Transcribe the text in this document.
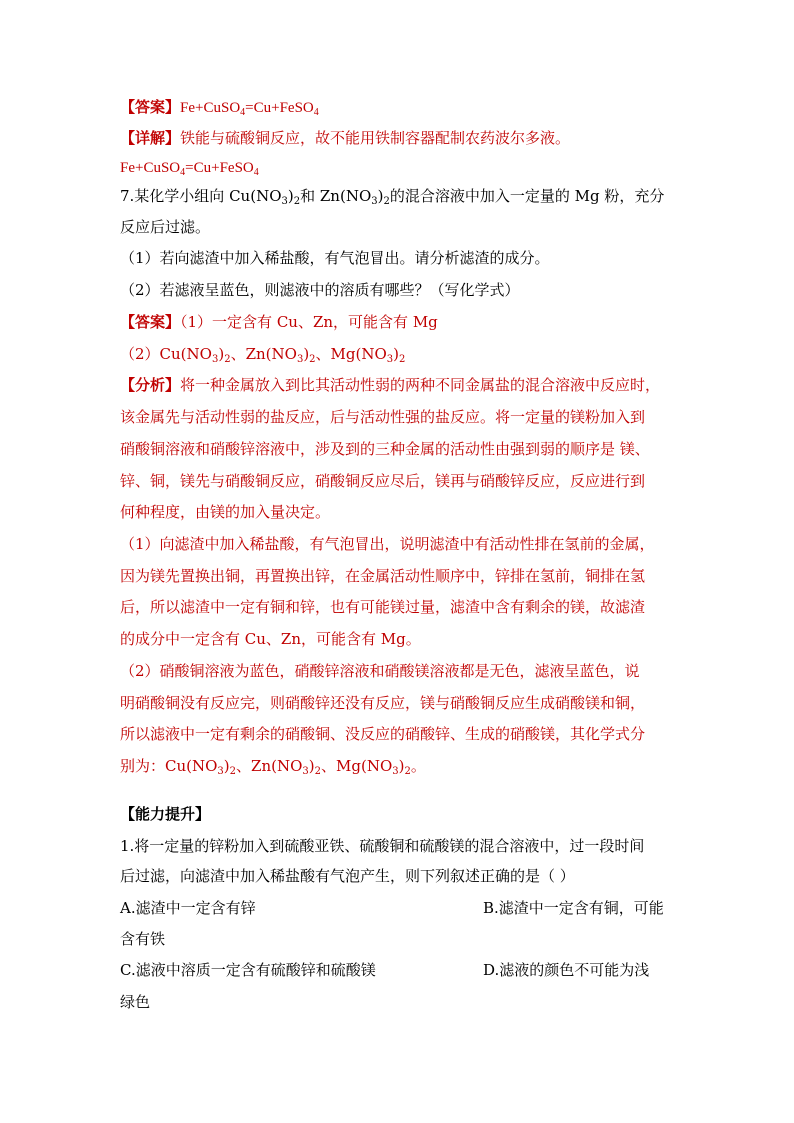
【答案】Fe+CuSO$_4$=Cu+FeSO$_4$
【详解】铁能与硫酸铜反应，故不能用铁制容器配制农药波尔多液。
Fe+CuSO$_4$=Cu+FeSO$_4$
7.某化学小组向 $Cu(NO_3)_2$和 $Zn(NO_3)_2$的混合溶液中加入一定量的 Mg 粉，充分
反应后过滤。
（1）若向滤渣中加入稀盐酸，有气泡冒出。请分析滤渣的成分。
（2）若滤液呈蓝色，则滤液中的溶质有哪些？（写化学式）
【答案】（1）一定含有 Cu、Zn，可能含有 Mg
$(2)Cu(NO_3)_2$、$Zn(NO_3)_2$、$Mg(NO_3)_2$
【分析】将一种金属放入到比其活动性弱的两种不同金属盐的混合溶液中反应时，
该金属先与活动性弱的盐反应，后与活动性强的盐反应。将一定量的镁粉加入到
硝酸铜溶液和硝酸锌溶液中，涉及到的三种金属的活动性由强到弱的顺序是 镁、
锌、铜，镁先与硝酸铜反应，硝酸铜反应尽后，镁再与硝酸锌反应，反应进行到
何种程度，由镁的加入量决定。
（1）向滤渣中加入稀盐酸，有气泡冒出，说明滤渣中有活动性排在氢前的金属，
因为镁先置换出铜，再置换出锌，在金属活动性顺序中，锌排在氢前，铜排在氢
后，所以滤渣中一定有铜和锌，也有可能镁过量，滤渣中含有剩余的镁，故滤渣
的成分中一定含有 Cu、Zn，可能含有 Mg。
（2）硝酸铜溶液为蓝色，硝酸锌溶液和硝酸镁溶液都是无色，滤液呈蓝色，说
明硝酸铜没有反应完，则硝酸锌还没有反应，镁与硝酸铜反应生成硝酸镁和铜，
所以滤液中一定有剩余的硝酸铜、没反应的硝酸锌、生成的硝酸镁，其化学式分
别为：$Cu(NO_3)_2$、$Zn(NO_3)_2$、$Mg(NO_3)_2$。
【能力提升】
1.将一定量的锌粉加入到硫酸亚铁、硫酸铜和硫酸镁的混合溶液中，过一段时间
后过滤，向滤渣中加入稀盐酸有气泡产生，则下列叙述正确的是（ ）
A.滤渣中一定含有锌	B.滤渣中一定含有铜，可能
含有铁
C.滤液中溶质一定含有硫酸锌和硫酸镁	D.滤液的颜色不可能为浅
绿色
